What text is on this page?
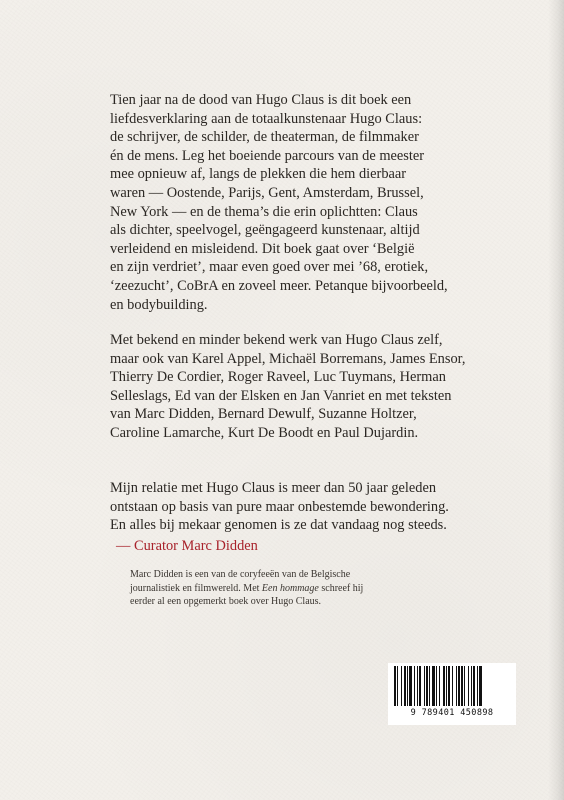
Tien jaar na de dood van Hugo Claus is dit boek een
liefdesverklaring aan de totaalkunstenaar Hugo Claus:
de schrijver, de schilder, de theaterman, de filmmaker
én de mens. Leg het boeiende parcours van de meester
mee opnieuw af, langs de plekken die hem dierbaar
waren — Oostende, Parijs, Gent, Amsterdam, Brussel,
New York — en de thema’s die erin oplichtten: Claus
als dichter, speelvogel, geëngageerd kunstenaar, altijd
verleidend en misleidend. Dit boek gaat over ‘België
en zijn verdriet’, maar even goed over mei ’68, erotiek,
‘zeezucht’, CoBrA en zoveel meer. Petanque bijvoorbeeld,
en bodybuilding.

Met bekend en minder bekend werk van Hugo Claus zelf,
maar ook van Karel Appel, Michaël Borremans, James Ensor,
Thierry De Cordier, Roger Raveel, Luc Tuymans, Herman
Selleslags, Ed van der Elsken en Jan Vanriet en met teksten
van Marc Didden, Bernard Dewulf, Suzanne Holtzer,
Caroline Lamarche, Kurt De Boodt en Paul Dujardin.

Mijn relatie met Hugo Claus is meer dan 50 jaar geleden
ontstaan op basis van pure maar onbestemde bewondering.
En alles bij mekaar genomen is ze dat vandaag nog steeds.

— Curator Marc Didden
Marc Didden is een van de coryfeeën van de Belgische
journalistiek en filmwereld. Met Een hommage schreef hij
eerder al een opgemerkt boek over Hugo Claus.
9 789401 450898
